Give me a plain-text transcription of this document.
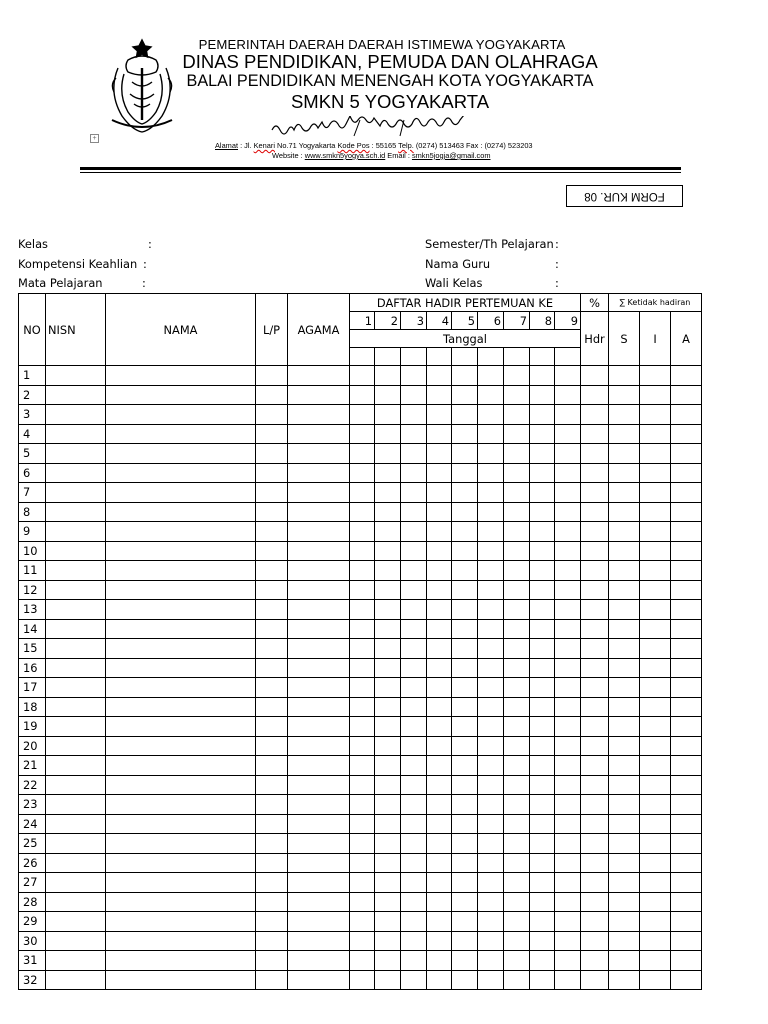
PEMERINTAH DAERAH DAERAH ISTIMEWA YOGYAKARTA
DINAS PENDIDIKAN, PEMUDA DAN OLAHRAGA
BALAI PENDIDIKAN MENENGAH KOTA YOGYAKARTA
SMKN 5 YOGYAKARTA
+
Alamat : Jl. Kenari No.71 Yogyakarta Kode Pos : 55165 Telp. (0274) 513463 Fax : (0274) 523203
Website : www.smkn5yogya.sch.id Email : smkn5jogja@gmail.com
FORM KUR. 08
Kelas	:
Kompetensi Keahlian :
Mata Pelajaran	:
Semester/Th Pelajaran :
Nama Guru	:
Wali Kelas	:
NO	NISN	NAMA	L/P	AGAMA	DAFTAR HADIR PERTEMUAN KE									%	∑ Ketidak hadiran		
					1	2	3	4	5	6	7	8	9	Hdr	S	I	A
					Tanggal												

1																	
2																	
3																	
4																	
5																	
6																	
7																	
8																	
9																	
10																	
11																	
12																	
13																	
14																	
15																	
16																	
17																	
18																	
19																	
20																	
21																	
22																	
23																	
24																	
25																	
26																	
27																	
28																	
29																	
30																	
31																	
32																	
